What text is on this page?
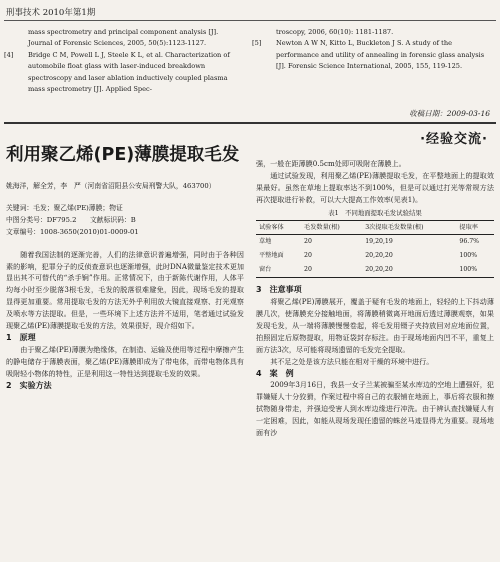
刑事技术 2010年第1期

mass spectrometry and principal component analysis [J]. Journal of Forensic Sciences, 2005, 50(5):1123-1127.

[4] Bridge C M, Powell L J, Steele K L, et al. Characterization of automobile float glass with laser-induced breakdown spectroscopy and laser ablation inductively coupled plasma mass spectrometry [J]. Applied Spec-

troscopy, 2006, 60(10): 1181-1187.

[5] Newton A W N, Kitto L, Buckleton J S. A study of the performance and utility of annealing in forensic glass analysis [J]. Forensic Science International, 2005, 155, 119-125.

收稿日期：2009-03-16
·经验交流·
利用聚乙烯(PE)薄膜提取毛发

姚海洋，解全芳，李　严（河南省沼阳县公安局刑警大队，463700）

关键词：毛发；聚乙烯(PE)薄膜；物证

中图分类号：DF795.2　　 文献标识码：B

文章编号：1008-3650(2010)01-0009-01

随着我国法制的逐渐完善，人们的法律意识普遍增强，同时由于各种因素的影响，犯罪分子的反侦查意识也逐渐增强，此时DNA微量鉴定技术更加显出其不可替代的“杀手锏”作用。正常情况下，由于新陈代谢作用，人体平均每小时至少脱落3根毛发，毛发的脱落很难避免，因此，现场毛发的提取显得更加重要。常用提取毛发的方法无外乎利用放大镜直接观察、打光观察及喷水等方法提取。但是，一些环境下上述方法并不适用，笔者通过试验发现聚乙烯(PE)薄膜提取毛发的方法，效果很好，现介绍如下。

1　原理

由于聚乙烯(PE)薄膜为绝缘体，在制造、运输及使用等过程中摩擦产生的静电储存于薄膜表面，聚乙烯(PE)薄膜即成为了带电体，而带电物体具有吸附轻小物体的特性，正是利用这一特性达到提取毛发的效果。

2　实验方法

强，一般在距薄膜0.5cm处即可吸附在薄膜上。

通过试验发现，利用聚乙烯(PE)薄膜提取毛发，在平整地面上的提取效果最好。虽然在草地上提取率达不到100%，但是可以通过打光等常规方法再次提取进行补救，可以大大提高工作效率(见表1)。

表1　不同地面提取毛发试验结果

试验客体	毛发数量(根)	3次提取毛发数量(根)	提取率
草地	20	19,20,19	96.7%
平整地面	20	20,20,20	100%
窗台	20	20,20,20	100%

3　注意事项

将聚乙烯(PE)薄膜展开，覆盖于疑有毛发的地面上，轻轻的上下抖动薄膜几次，使薄膜充分接触地面，将薄膜稍微离开地面后透过薄膜观察，如果发现毛发，从一端将薄膜慢慢卷起，将毛发用镊子夹持放回对应地面位置，拍照固定后原物提取，用物证袋封存标注。由于现场地面内凹不平，重复上面方法3次，尽可能将现场遗留的毛发完全提取。

其不足之处是该方法只能在相对干燥的环境中进行。

4　案　例

2009年3月16日，我县一女子兰某被骗至某水库边的空地上遭强奸，犯罪嫌疑人十分狡猾，作案过程中将自己的衣服铺在地面上，事后将衣服和擦拭物随身带走，并强迫受害人到水库边缘进行冲洗。由于辨认查找嫌疑人有一定困难，因此，如能从现场发现任遗留的蛛丝马迹显得尤为重要。现场地面有沙
